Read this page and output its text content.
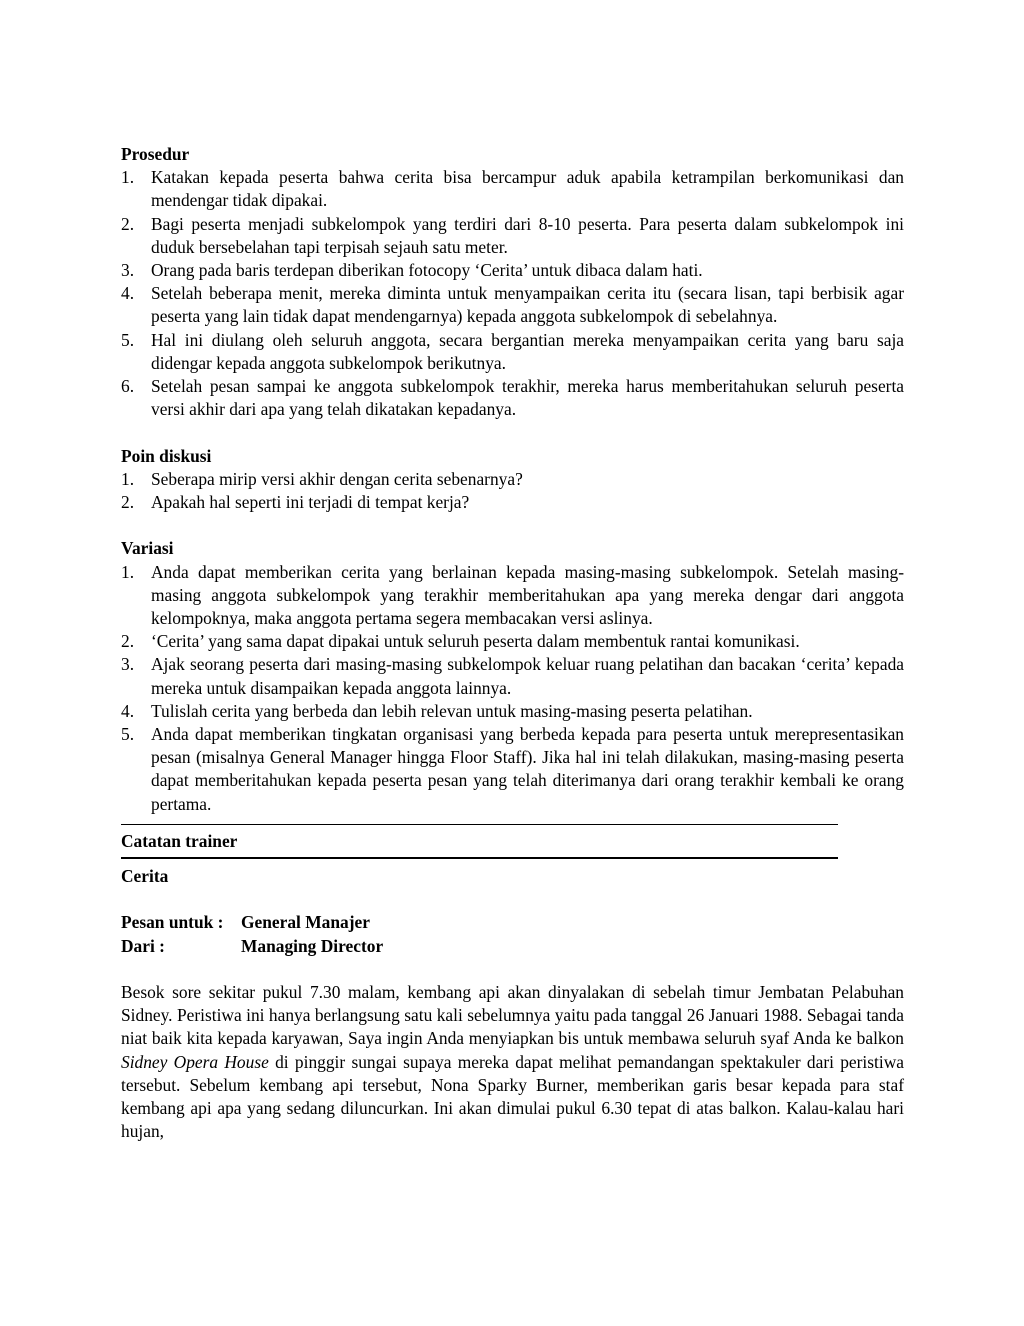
Prosedur
1. Katakan kepada peserta bahwa cerita bisa bercampur aduk apabila ketrampilan berkomunikasi dan mendengar tidak dipakai.
2. Bagi peserta menjadi subkelompok yang terdiri dari 8-10 peserta. Para peserta dalam subkelompok ini duduk bersebelahan tapi terpisah sejauh satu meter.
3. Orang pada baris terdepan diberikan fotocopy ‘Cerita’ untuk dibaca dalam hati.
4. Setelah beberapa menit, mereka diminta untuk menyampaikan cerita itu (secara lisan, tapi berbisik agar peserta yang lain tidak dapat mendengarnya) kepada anggota subkelompok di sebelahnya.
5. Hal ini diulang oleh seluruh anggota, secara bergantian mereka menyampaikan cerita yang baru saja didengar kepada anggota subkelompok berikutnya.
6. Setelah pesan sampai ke anggota subkelompok terakhir, mereka harus memberitahukan seluruh peserta versi akhir dari apa yang telah dikatakan kepadanya.
Poin diskusi
1. Seberapa mirip versi akhir dengan cerita sebenarnya?
2. Apakah hal seperti ini terjadi di tempat kerja?
Variasi
1. Anda dapat memberikan cerita yang berlainan kepada masing-masing subkelompok. Setelah masing-masing anggota subkelompok yang terakhir memberitahukan apa yang mereka dengar dari anggota kelompoknya, maka anggota pertama segera membacakan versi aslinya.
2. ‘Cerita’ yang sama dapat dipakai untuk seluruh peserta dalam membentuk rantai komunikasi.
3. Ajak seorang peserta dari masing-masing subkelompok keluar ruang pelatihan dan bacakan ‘cerita’ kepada mereka untuk disampaikan kepada anggota lainnya.
4. Tulislah cerita yang berbeda dan lebih relevan untuk masing-masing peserta pelatihan.
5. Anda dapat memberikan tingkatan organisasi yang berbeda kepada para peserta untuk merepresentasikan pesan (misalnya General Manager hingga Floor Staff). Jika hal ini telah dilakukan, masing-masing peserta dapat memberitahukan kepada peserta pesan yang telah diterimanya dari orang terakhir kembali ke orang pertama.
Catatan trainer
Cerita
Pesan untuk :	General Manajer
Dari :	Managing Director
Besok sore sekitar pukul 7.30 malam, kembang api akan dinyalakan di sebelah timur Jembatan Pelabuhan Sidney. Peristiwa ini hanya berlangsung satu kali sebelumnya yaitu pada tanggal 26 Januari 1988. Sebagai tanda niat baik kita kepada karyawan, Saya ingin Anda menyiapkan bis untuk membawa seluruh syaf Anda ke balkon Sidney Opera House di pinggir sungai supaya mereka dapat melihat pemandangan spektakuler dari peristiwa tersebut. Sebelum kembang api tersebut, Nona Sparky Burner, memberikan garis besar kepada para staf kembang api apa yang sedang diluncurkan. Ini akan dimulai pukul 6.30 tepat di atas balkon. Kalau-kalau hari hujan,
